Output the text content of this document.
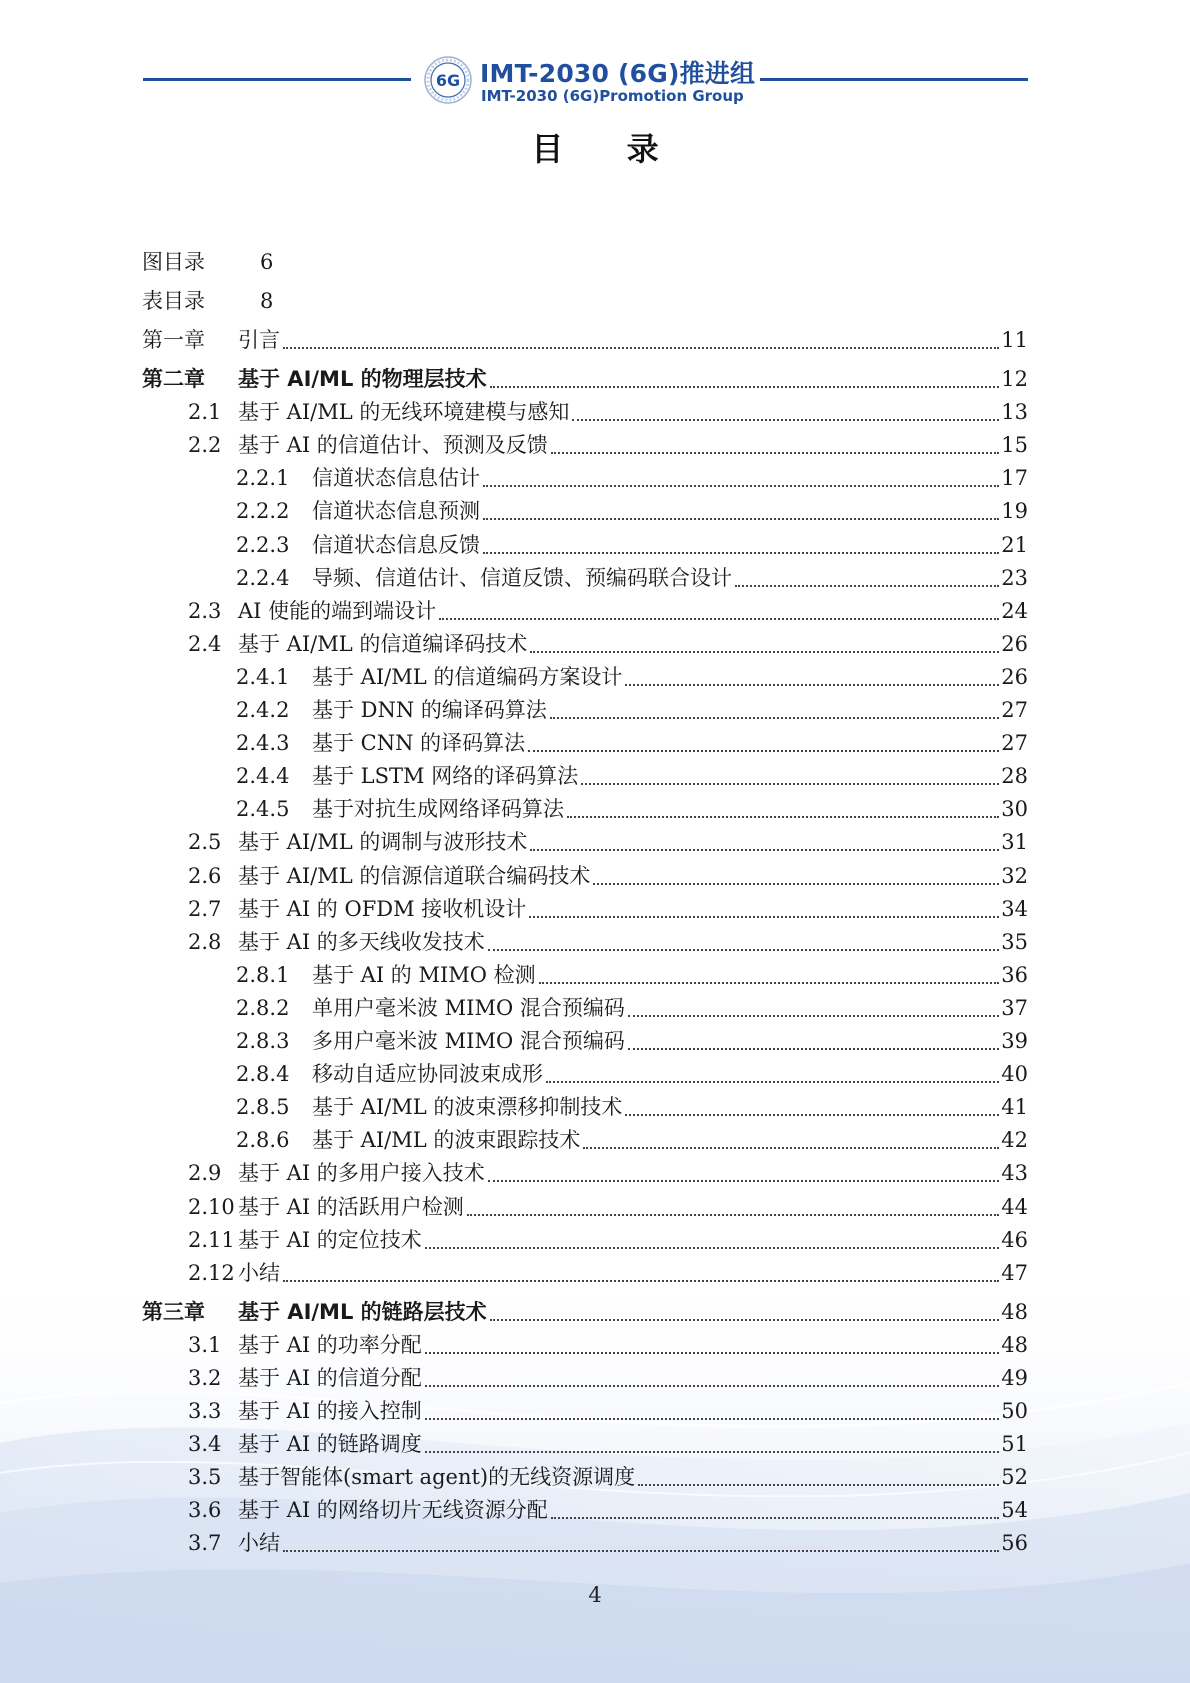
6G IMT-2030 (6G)推进组
IMT-2030 (6G)Promotion Group
目 录
图目录	6
表目录	8
第一章	引言	11
第二章	基于 AI/ML 的物理层技术	12
2.1 基于 AI/ML 的无线环境建模与感知	13
2.2 基于 AI 的信道估计、预测及反馈	15
2.2.1	信道状态信息估计	17
2.2.2	信道状态信息预测	19
2.2.3	信道状态信息反馈	21
2.2.4	导频、信道估计、信道反馈、预编码联合设计	23
2.3 AI 使能的端到端设计	24
2.4 基于 AI/ML 的信道编译码技术	26
2.4.1	基于 AI/ML 的信道编码方案设计	26
2.4.2	基于 DNN 的编译码算法	27
2.4.3	基于 CNN 的译码算法	27
2.4.4	基于 LSTM 网络的译码算法	28
2.4.5	基于对抗生成网络译码算法	30
2.5 基于 AI/ML 的调制与波形技术	31
2.6 基于 AI/ML 的信源信道联合编码技术	32
2.7 基于 AI 的 OFDM 接收机设计	34
2.8 基于 AI 的多天线收发技术	35
2.8.1	基于 AI 的 MIMO 检测	36
2.8.2	单用户毫米波 MIMO 混合预编码	37
2.8.3	多用户毫米波 MIMO 混合预编码	39
2.8.4	移动自适应协同波束成形	40
2.8.5	基于 AI/ML 的波束漂移抑制技术	41
2.8.6	基于 AI/ML 的波束跟踪技术	42
2.9 基于 AI 的多用户接入技术	43
2.10 基于 AI 的活跃用户检测	44
2.11 基于 AI 的定位技术	46
2.12 小结	47
第三章	基于 AI/ML 的链路层技术	48
3.1 基于 AI 的功率分配	48
3.2 基于 AI 的信道分配	49
3.3 基于 AI 的接入控制	50
3.4 基于 AI 的链路调度	51
3.5 基于智能体(smart agent)的无线资源调度	52
3.6 基于 AI 的网络切片无线资源分配	54
3.7 小结	56
4
